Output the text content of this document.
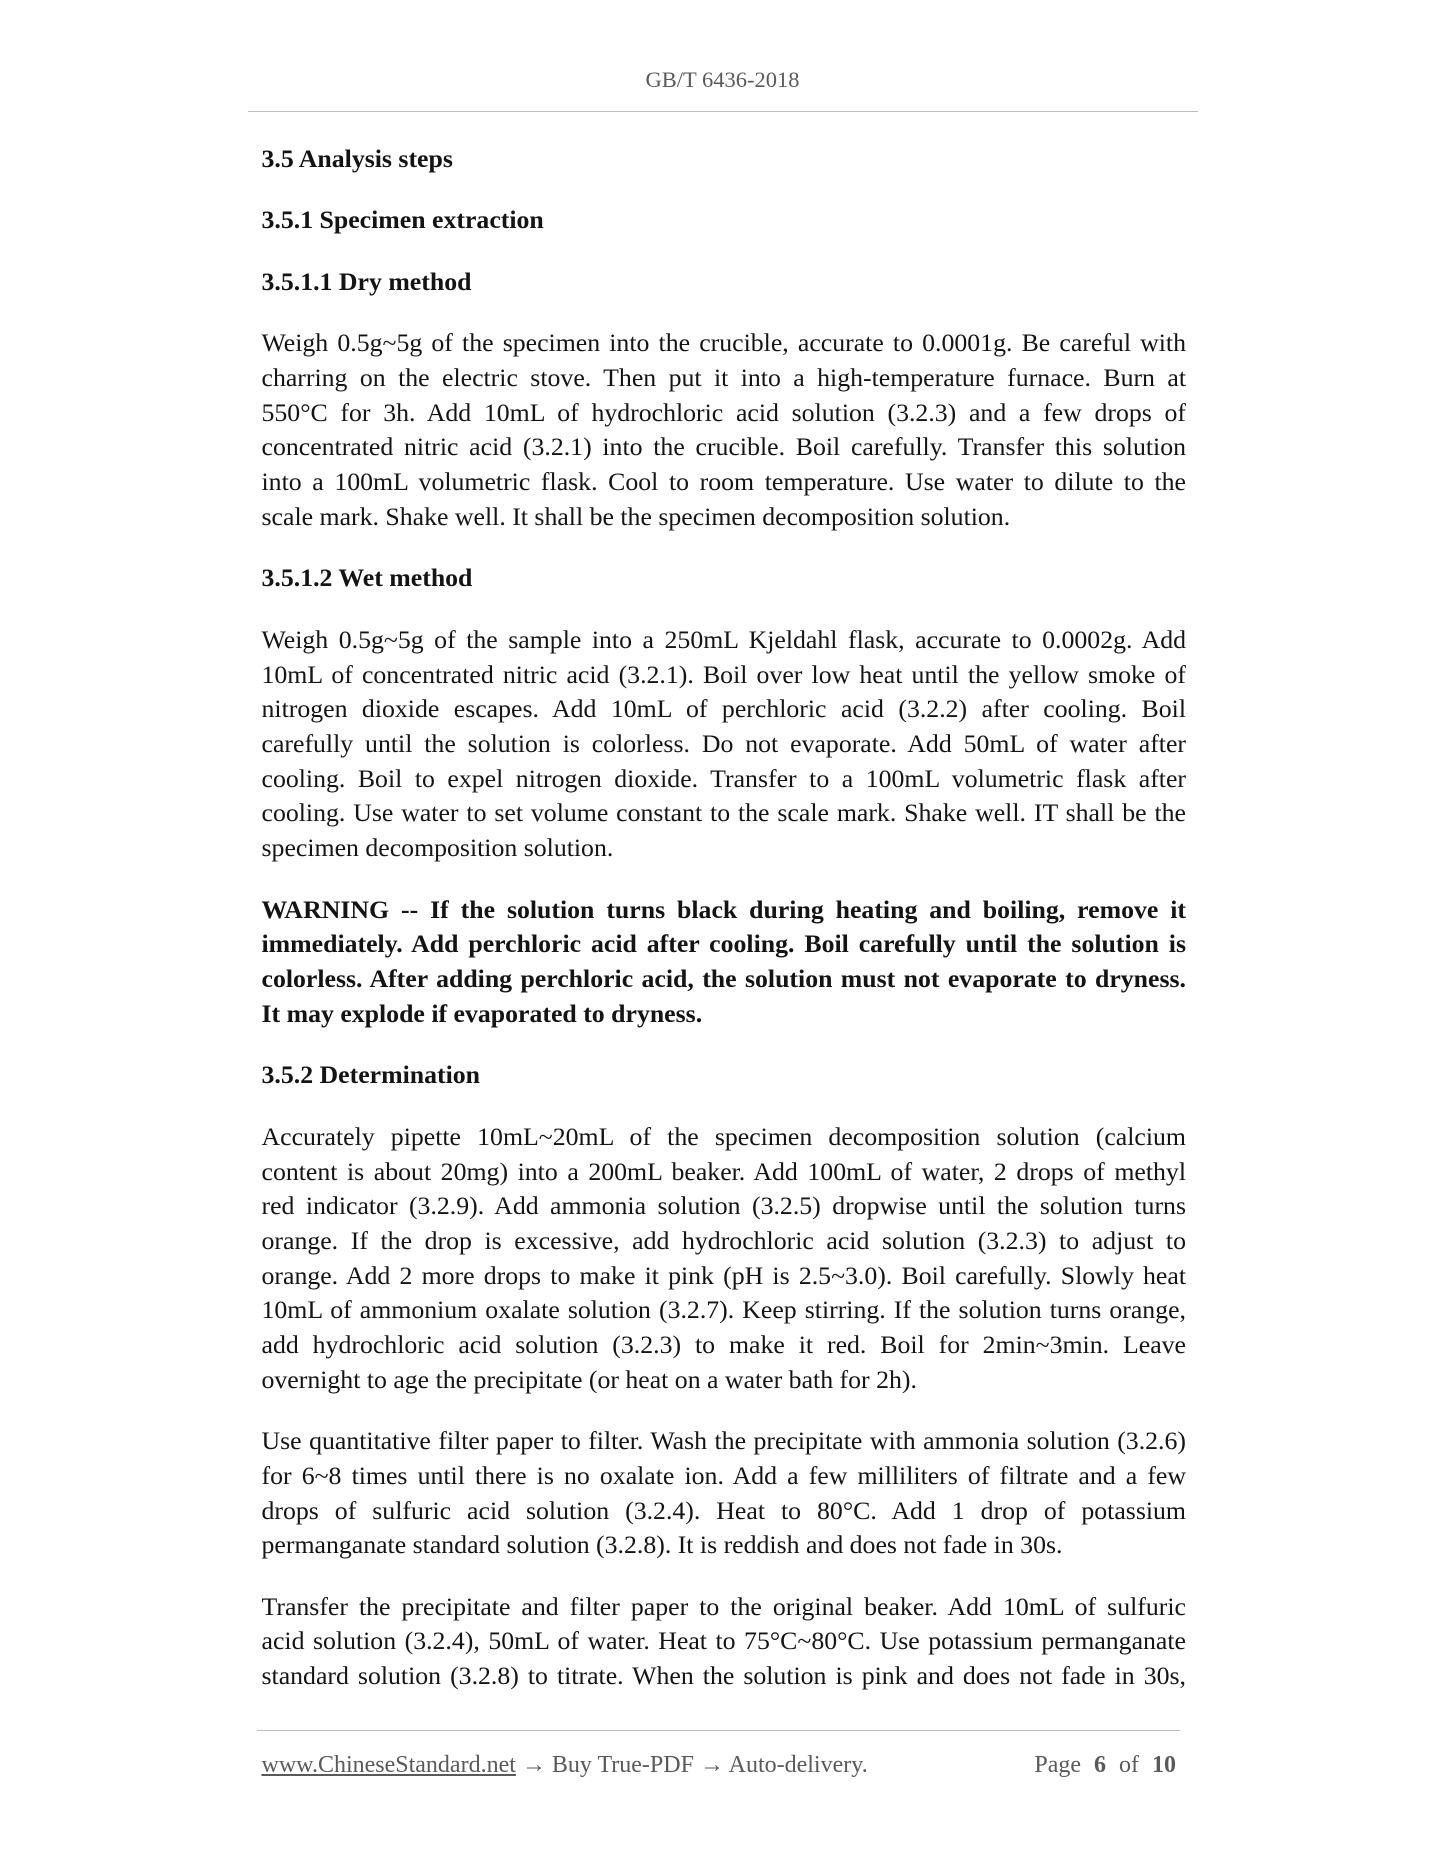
GB/T 6436-2018
3.5 Analysis steps
3.5.1 Specimen extraction
3.5.1.1 Dry method
Weigh 0.5g~5g of the specimen into the crucible, accurate to 0.0001g. Be careful with
charring on the electric stove. Then put it into a high-temperature furnace. Burn at
550°C for 3h. Add 10mL of hydrochloric acid solution (3.2.3) and a few drops of
concentrated nitric acid (3.2.1) into the crucible. Boil carefully. Transfer this solution
into a 100mL volumetric flask. Cool to room temperature. Use water to dilute to the
scale mark. Shake well. It shall be the specimen decomposition solution.
3.5.1.2 Wet method
Weigh 0.5g~5g of the sample into a 250mL Kjeldahl flask, accurate to 0.0002g. Add
10mL of concentrated nitric acid (3.2.1). Boil over low heat until the yellow smoke of
nitrogen dioxide escapes. Add 10mL of perchloric acid (3.2.2) after cooling. Boil
carefully until the solution is colorless. Do not evaporate. Add 50mL of water after
cooling. Boil to expel nitrogen dioxide. Transfer to a 100mL volumetric flask after
cooling. Use water to set volume constant to the scale mark. Shake well. IT shall be the
specimen decomposition solution.
WARNING -- If the solution turns black during heating and boiling, remove it
immediately. Add perchloric acid after cooling. Boil carefully until the solution is
colorless. After adding perchloric acid, the solution must not evaporate to dryness.
It may explode if evaporated to dryness.
3.5.2 Determination
Accurately pipette 10mL~20mL of the specimen decomposition solution (calcium
content is about 20mg) into a 200mL beaker. Add 100mL of water, 2 drops of methyl
red indicator (3.2.9). Add ammonia solution (3.2.5) dropwise until the solution turns
orange. If the drop is excessive, add hydrochloric acid solution (3.2.3) to adjust to
orange. Add 2 more drops to make it pink (pH is 2.5~3.0). Boil carefully. Slowly heat
10mL of ammonium oxalate solution (3.2.7). Keep stirring. If the solution turns orange,
add hydrochloric acid solution (3.2.3) to make it red. Boil for 2min~3min. Leave
overnight to age the precipitate (or heat on a water bath for 2h).
Use quantitative filter paper to filter. Wash the precipitate with ammonia solution (3.2.6)
for 6~8 times until there is no oxalate ion. Add a few milliliters of filtrate and a few
drops of sulfuric acid solution (3.2.4). Heat to 80°C. Add 1 drop of potassium
permanganate standard solution (3.2.8). It is reddish and does not fade in 30s.
Transfer the precipitate and filter paper to the original beaker. Add 10mL of sulfuric
acid solution (3.2.4), 50mL of water. Heat to 75°C~80°C. Use potassium permanganate
standard solution (3.2.8) to titrate. When the solution is pink and does not fade in 30s,
www.ChineseStandard.net → Buy True-PDF → Auto-delivery.	Page 6 of 10
